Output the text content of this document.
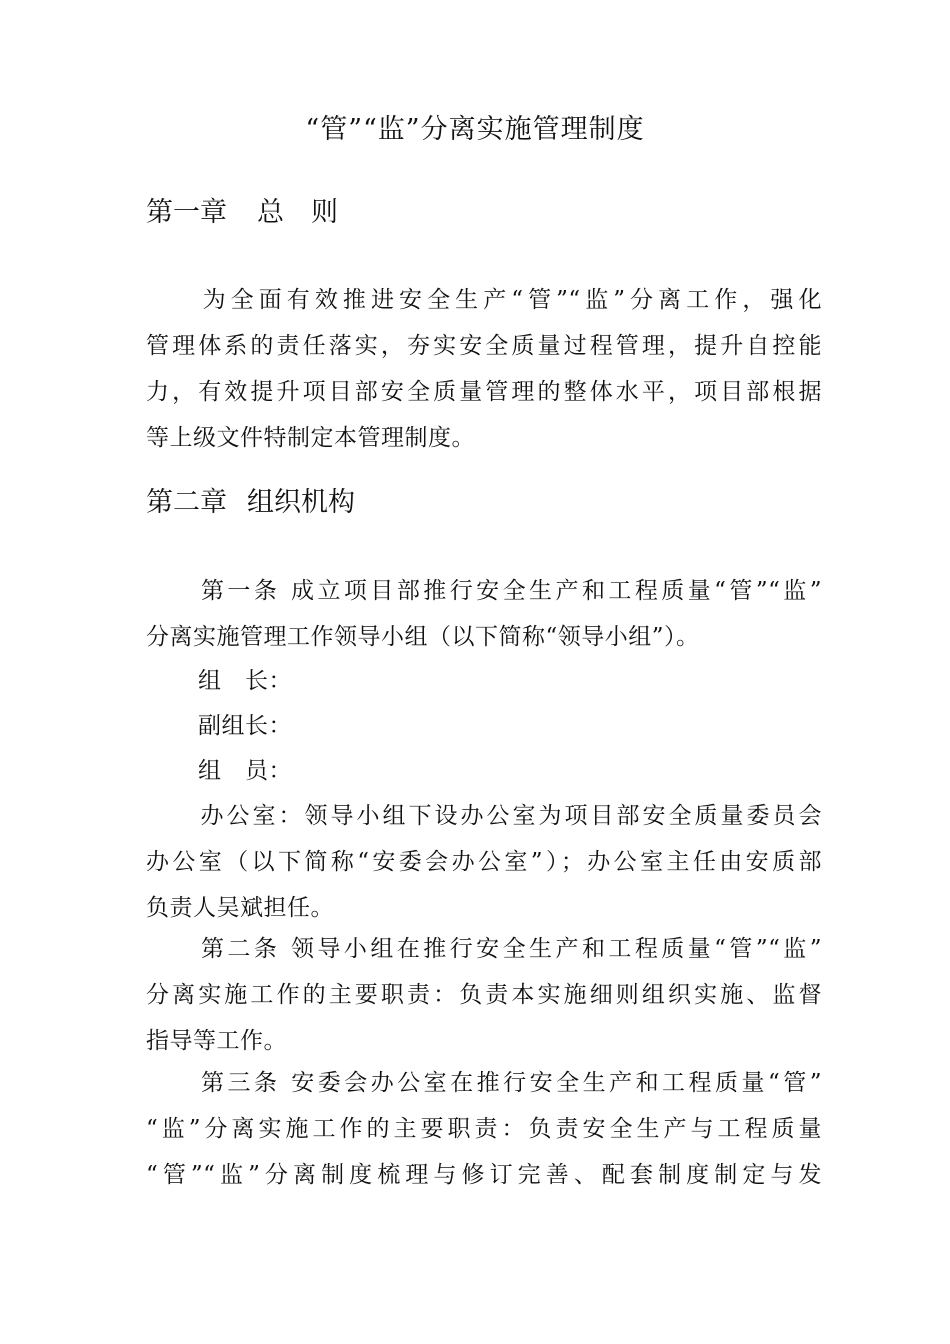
“管”“监”分离实施管理制度
第一章 总　则
为全面有效推进安全生产“管”“监”分离工作，强化
管理体系的责任落实，夯实安全质量过程管理，提升自控能
力，有效提升项目部安全质量管理的整体水平，项目部根据
等上级文件特制定本管理制度。
第二章 组织机构
第一条 成立项目部推行安全生产和工程质量“管”“监”
分离实施管理工作领导小组（以下简称“领导小组”）。
组　长：
副组长：
组　员：
办公室：领导小组下设办公室为项目部安全质量委员会
办公室（以下简称“安委会办公室”）；办公室主任由安质部
负责人吴斌担任。
第二条 领导小组在推行安全生产和工程质量“管”“监”
分离实施工作的主要职责：负责本实施细则组织实施、监督
指导等工作。
第三条 安委会办公室在推行安全生产和工程质量“管”
“监”分离实施工作的主要职责：负责安全生产与工程质量
“管”“监”分离制度梳理与修订完善、配套制度制定与发
